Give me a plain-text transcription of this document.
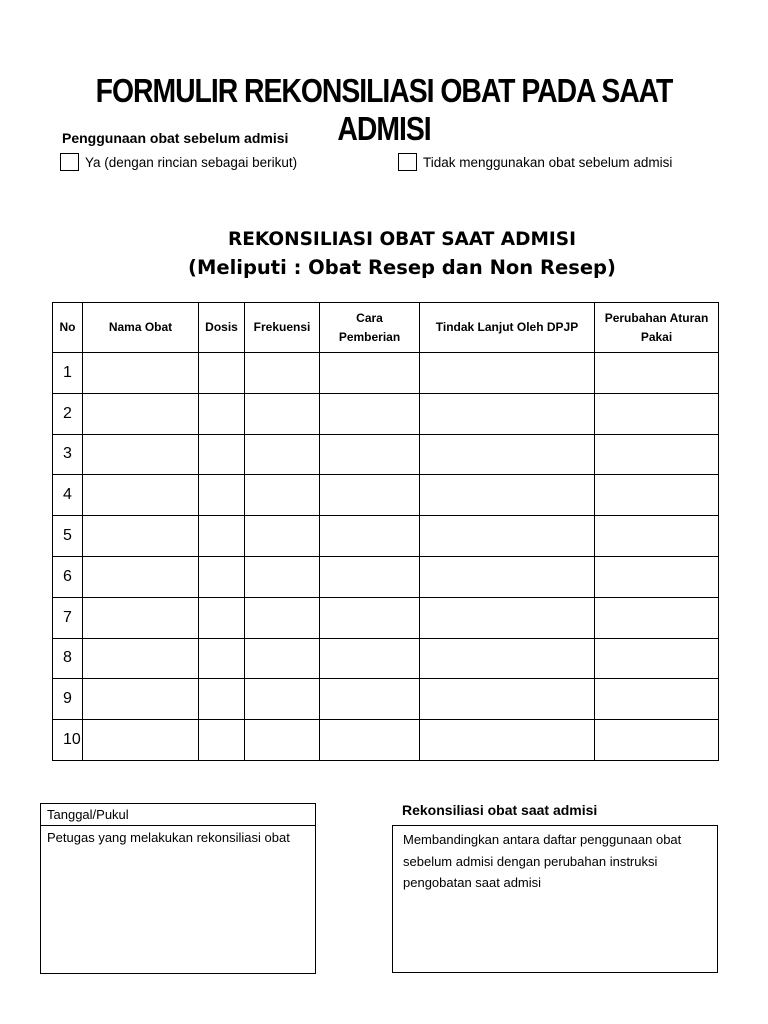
FORMULIR REKONSILIASI OBAT PADA SAAT ADMISI
Penggunaan obat sebelum admisi
Ya (dengan rincian sebagai berikut)	Tidak menggunakan obat sebelum admisi
REKONSILIASI OBAT SAAT ADMISI
(Meliputi : Obat Resep dan Non Resep)
No	Nama Obat	Dosis	Frekuensi	Cara Pemberian	Tindak Lanjut Oleh DPJP	Perubahan Aturan Pakai
1						
2						
3						
4						
5						
6						
7						
8						
9						
10						
Tanggal/Pukul
Petugas yang melakukan rekonsiliasi obat
Rekonsiliasi obat saat admisi
Membandingkan antara daftar penggunaan obat sebelum admisi dengan perubahan instruksi pengobatan saat admisi
